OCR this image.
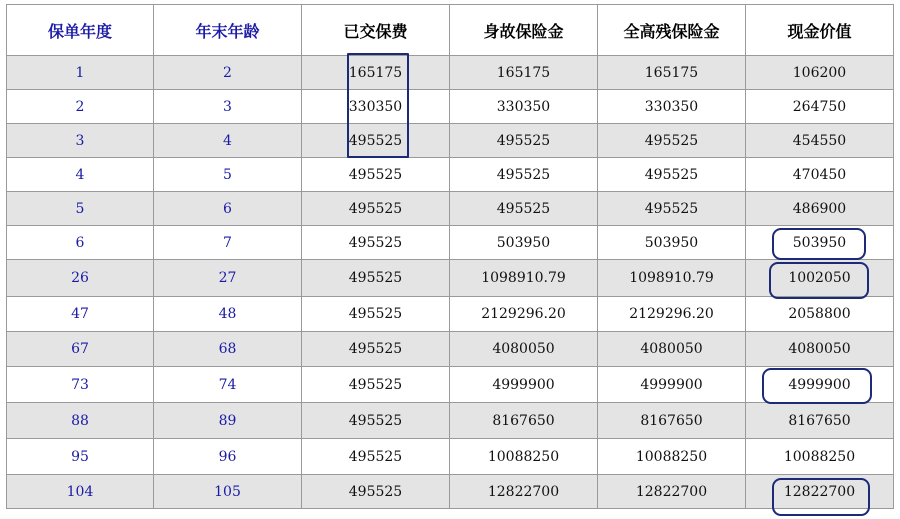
保单年度	年末年龄	已交保费	身故保险金	全高残保险金	现金价值
1	2	165175	165175	165175	106200
2	3	330350	330350	330350	264750
3	4	495525	495525	495525	454550
4	5	495525	495525	495525	470450
5	6	495525	495525	495525	486900
6	7	495525	503950	503950	503950
26	27	495525	1098910.79	1098910.79	1002050
47	48	495525	2129296.20	2129296.20	2058800
67	68	495525	4080050	4080050	4080050
73	74	495525	4999900	4999900	4999900
88	89	495525	8167650	8167650	8167650
95	96	495525	10088250	10088250	10088250
104	105	495525	12822700	12822700	12822700
